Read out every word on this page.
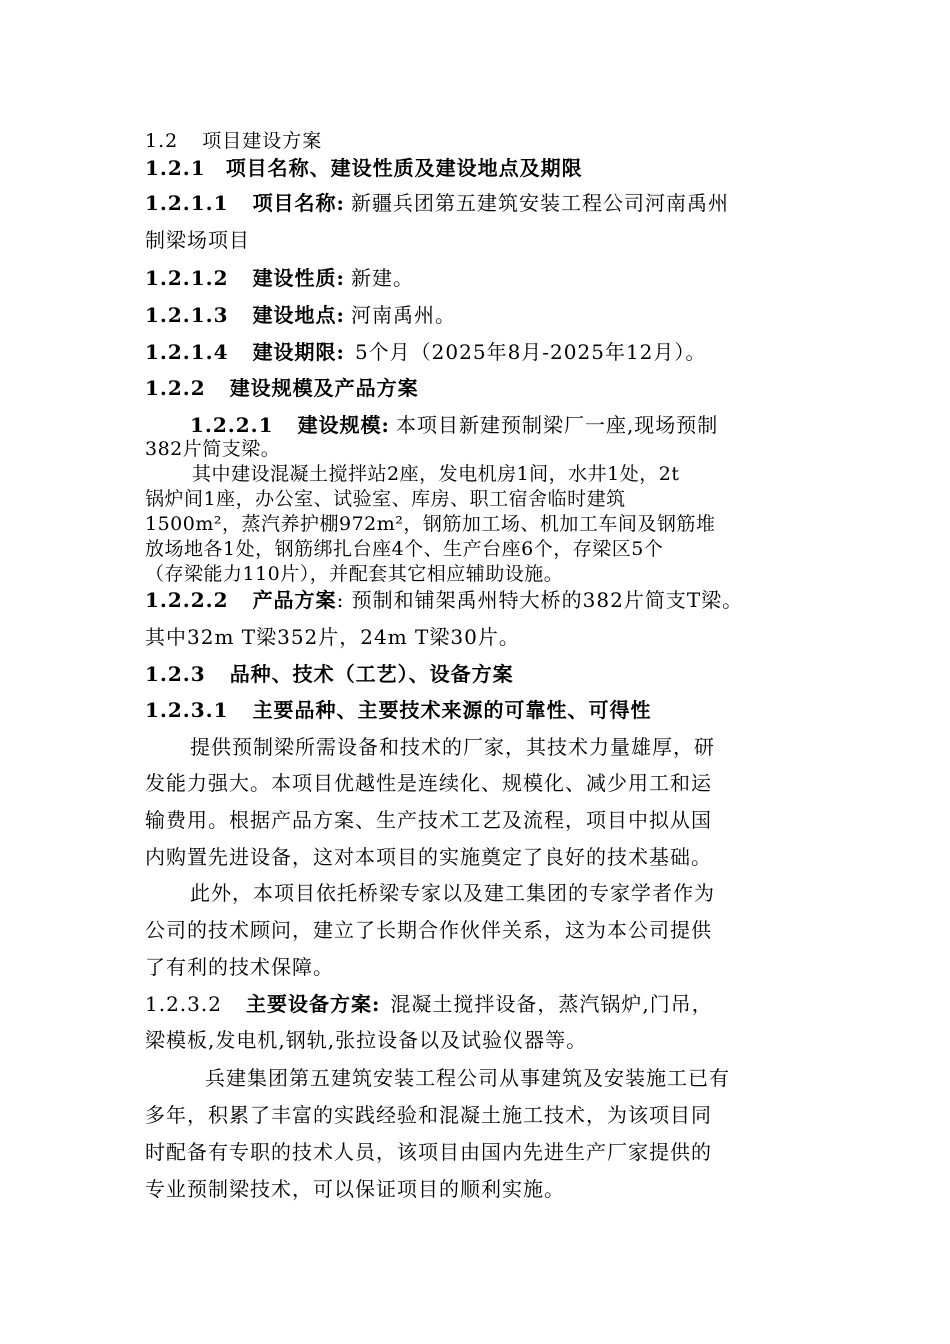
1.2 项目建设方案
1.2.1 项目名称、建设性质及建设地点及期限
1.2.1.1 项目名称: 新疆兵团第五建筑安装工程公司河南禹州
制梁场项目
1.2.1.2 建设性质: 新建。
1.2.1.3 建设地点: 河南禹州。
1.2.1.4 建设期限: 5个月（2025年8月-2025年12月）。
1.2.2 建设规模及产品方案
1.2.2.1 建设规模: 本项目新建预制梁厂一座,现场预制
382片简支梁。
其中建设混凝土搅拌站2座，发电机房1间，水井1处，2t
锅炉间1座，办公室、试验室、库房、职工宿舍临时建筑
1500m²，蒸汽养护棚972m²，钢筋加工场、机加工车间及钢筋堆
放场地各1处，钢筋绑扎台座4个、生产台座6个，存梁区5个
（存梁能力110片），并配套其它相应辅助设施。
1.2.2.2 产品方案: 预制和铺架禹州特大桥的382片简支T梁。
其中32m T梁352片，24m T梁30片。
1.2.3 品种、技术（工艺）、设备方案
1.2.3.1 主要品种、主要技术来源的可靠性、可得性
提供预制梁所需设备和技术的厂家，其技术力量雄厚，研
发能力强大。本项目优越性是连续化、规模化、减少用工和运
输费用。根据产品方案、生产技术工艺及流程，项目中拟从国
内购置先进设备，这对本项目的实施奠定了良好的技术基础。
此外，本项目依托桥梁专家以及建工集团的专家学者作为
公司的技术顾问，建立了长期合作伙伴关系，这为本公司提供
了有利的技术保障。
1.2.3.2 主要设备方案: 混凝土搅拌设备，蒸汽锅炉,门吊，
梁模板,发电机,钢轨,张拉设备以及试验仪器等。
兵建集团第五建筑安装工程公司从事建筑及安装施工已有
多年，积累了丰富的实践经验和混凝土施工技术，为该项目同
时配备有专职的技术人员，该项目由国内先进生产厂家提供的
专业预制梁技术，可以保证项目的顺利实施。
